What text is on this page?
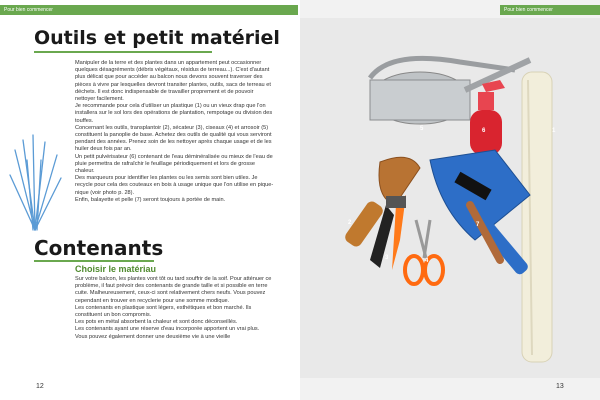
Pour bien commencer
Outils et petit matériel

Manipuler de la terre et des plantes dans un appartement peut occasionner quelques désagréments (débris végétaux, résidus de terreau...). C'est d'autant plus délicat que pour accéder au balcon nous devons souvent traverser des pièces à vivre par lesquelles devront transiter plantes, outils, sacs de terreau et déchets. Il est donc indispensable de travailler proprement et de pouvoir nettoyer facilement.

Je recommande pour cela d'utiliser un plastique (1) ou un vieux drap que l'on installera sur le sol lors des opérations de plantation, rempotage ou division des touffes.

Concernant les outils, transplantoir (2), sécateur (3), ciseaux (4) et arrosoir (5) constituent la panoplie de base. Achetez des outils de qualité qui vous serviront pendant des années. Prenez soin de les nettoyer après chaque usage et de les huiler deux fois par an.

Un petit pulvérisateur (6) contenant de l'eau déminéralisée ou mieux de l'eau de pluie permettra de rafraîchir le feuillage périodiquement et lors de grosse chaleur.

Des marqueurs pour identifier les plantes ou les semis sont bien utiles. Je recycle pour cela des couteaux en bois à usage unique que l'on utilise en pique-nique (voir photo p. 28).

Enfin, balayette et pelle (7) seront toujours à portée de main.

Contenants
Choisir le matériau

Sur votre balcon, les plantes vont tôt ou tard souffrir de la soif. Pour atténuer ce problème, il faut prévoir des contenants de grande taille et si possible en terre cuite. Malheureusement, ceux-ci sont relativement chers neufs. Vous pouvez cependant en trouver en recyclerie pour une somme modique.

Les contenants en plastique sont légers, esthétiques et bon marché. Ils constituent un bon compromis.

Les pots en métal absorbent la chaleur et sont donc déconseillés.

Les contenants ayant une réserve d'eau incorporée apportent un vrai plus.

Vous pouvez également donner une deuxième vie à une vieille

12
Pour bien commencer
1
2
3	4
5	6
7
13
